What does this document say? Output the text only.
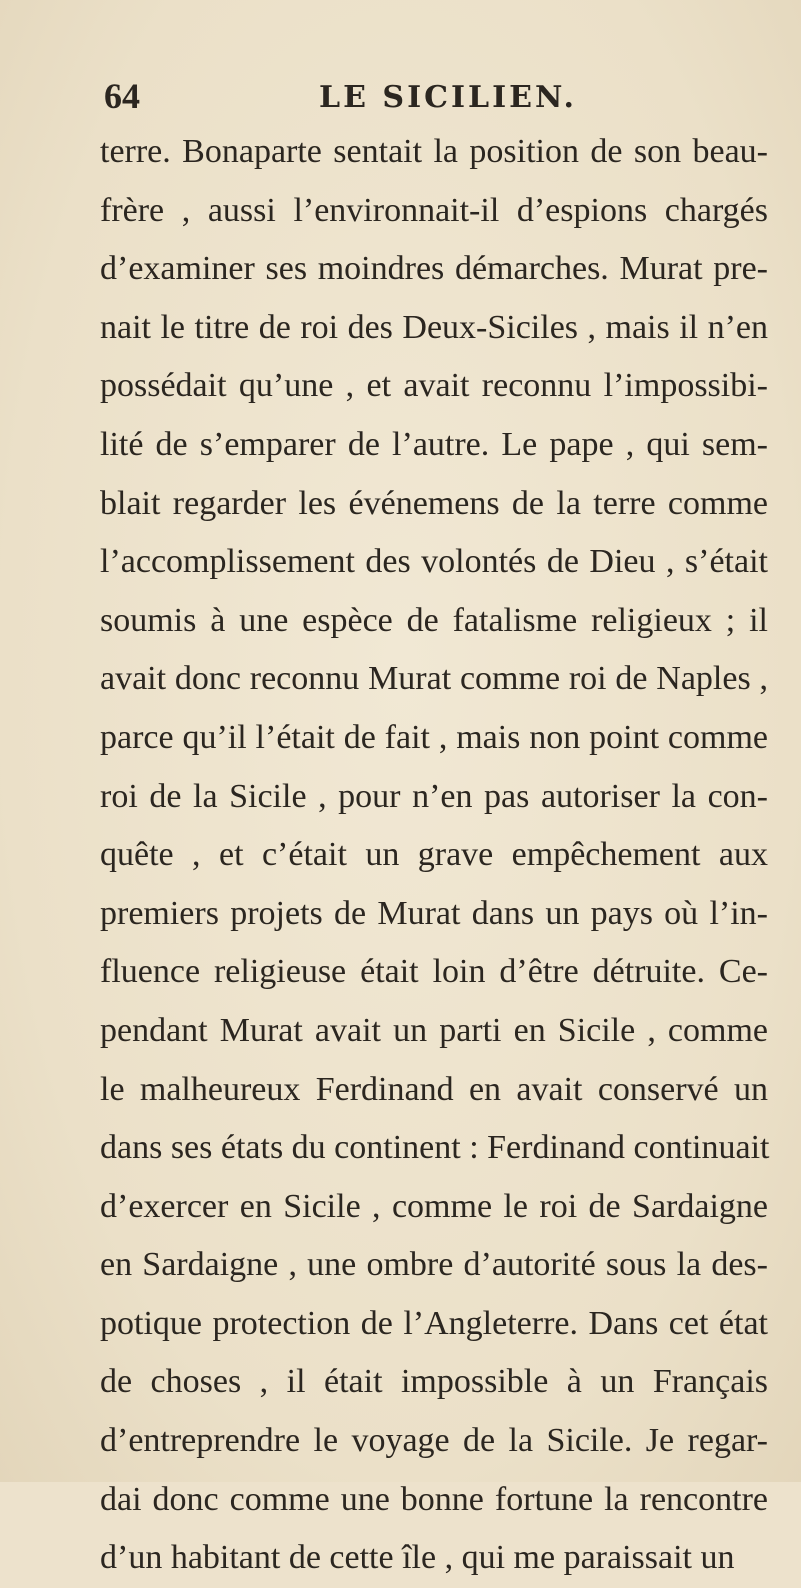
64	LE SICILIEN.
terre. Bonaparte sentait la position de son beau-
frère , aussi l’environnait-il d’espions chargés
d’examiner ses moindres démarches. Murat pre-
nait le titre de roi des Deux-Siciles , mais il n’en
possédait qu’une , et avait reconnu l’impossibi-
lité de s’emparer de l’autre. Le pape , qui sem-
blait regarder les événemens de la terre comme
l’accomplissement des volontés de Dieu , s’était
soumis à une espèce de fatalisme religieux ; il
avait donc reconnu Murat comme roi de Naples ,
parce qu’il l’était de fait , mais non point comme
roi de la Sicile , pour n’en pas autoriser la con-
quête , et c’était un grave empêchement aux
premiers projets de Murat dans un pays où l’in-
fluence religieuse était loin d’être détruite. Ce-
pendant Murat avait un parti en Sicile , comme
le malheureux Ferdinand en avait conservé un
dans ses états du continent : Ferdinand continuait
d’exercer en Sicile , comme le roi de Sardaigne
en Sardaigne , une ombre d’autorité sous la des-
potique protection de l’Angleterre. Dans cet état
de choses , il était impossible à un Français
d’entreprendre le voyage de la Sicile. Je regar-
dai donc comme une bonne fortune la rencontre
d’un habitant de cette île , qui me paraissait un
